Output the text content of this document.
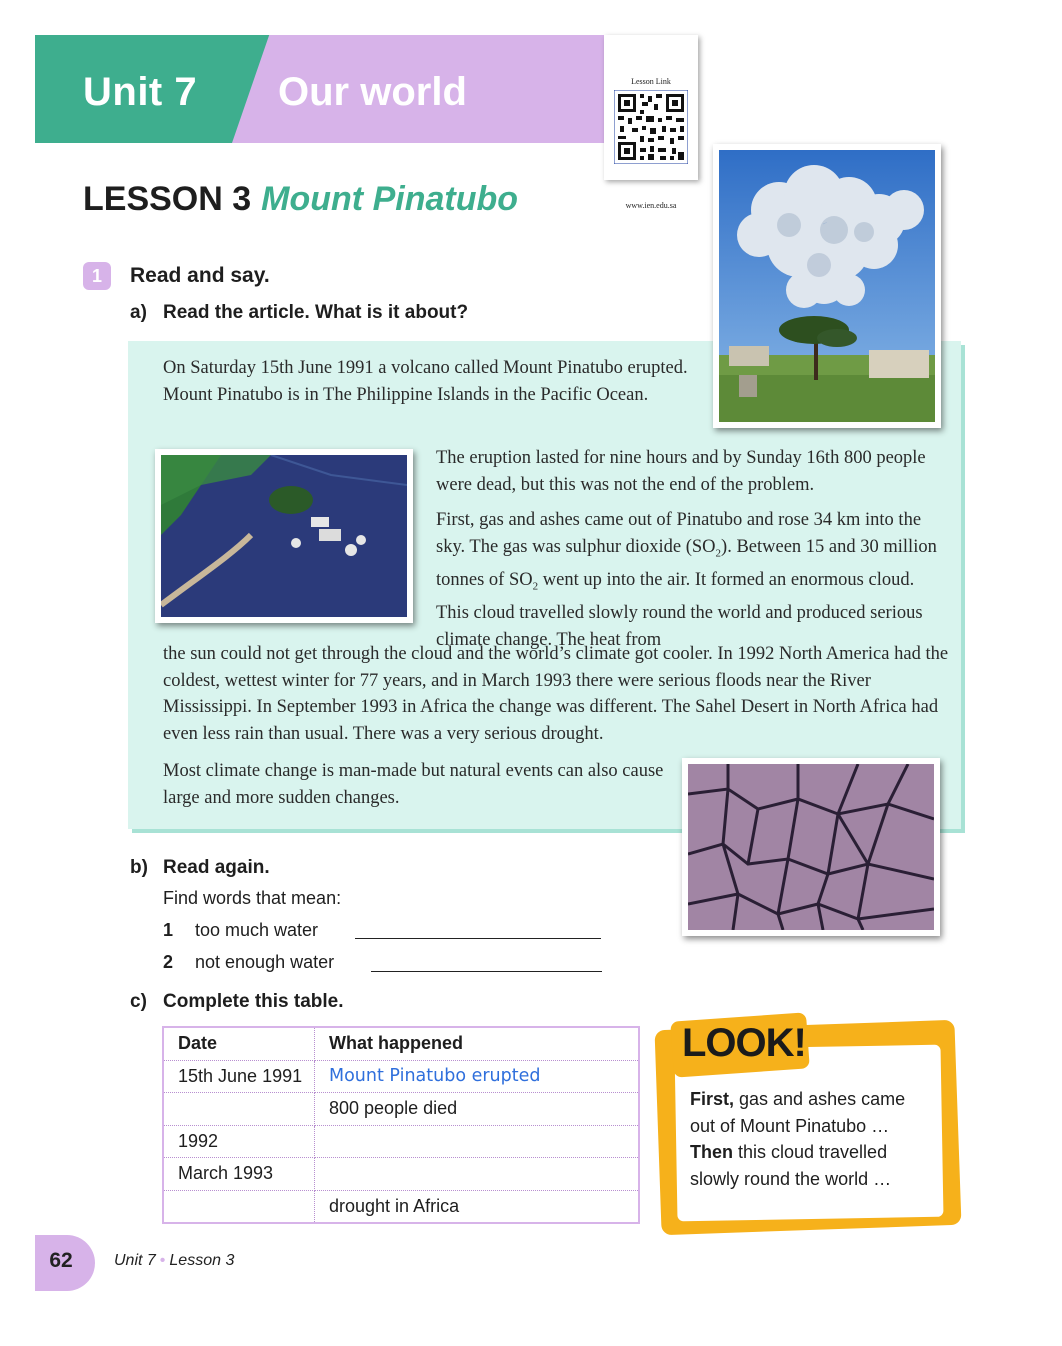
Unit 7 Our world	Lesson Link
www.ien.edu.sa
LESSON 3 Mount Pinatubo
1	Read and say.
a) Read the article. What is it about?
On Saturday 15th June 1991 a volcano called Mount Pinatubo erupted. Mount Pinatubo is in The Philippine Islands in the Pacific Ocean.
The eruption lasted for nine hours and by Sunday 16th 800 people were dead, but this was not the end of the problem.
First, gas and ashes came out of Pinatubo and rose 34 km into the sky. The gas was sulphur dioxide $(SO_2)$. Between 15 and 30 million tonnes of $SO_2$ went up into the air. It formed an enormous cloud. This cloud travelled slowly round the world and produced serious climate change. The heat from
the sun could not get through the cloud and the world’s climate got cooler. In 1992 North America had the coldest, wettest winter for 77 years, and in March 1993 there were serious floods near the River Mississippi. In September 1993 in Africa the change was different. The Sahel Desert in North Africa had even less rain than usual. There was a very serious drought.
Most climate change is man-made but natural events can also cause large and more sudden changes.
b) Read again.
Find words that mean:
1 too much water
2 not enough water
c) Complete this table.
Date	What happened
15th June 1991	Mount Pinatubo erupted
	800 people died
1992	
March 1993	
	drought in Africa
LOOK!
First, gas and ashes came out of Mount Pinatubo …
Then this cloud travelled slowly round the world …
62	Unit 7 • Lesson 3
